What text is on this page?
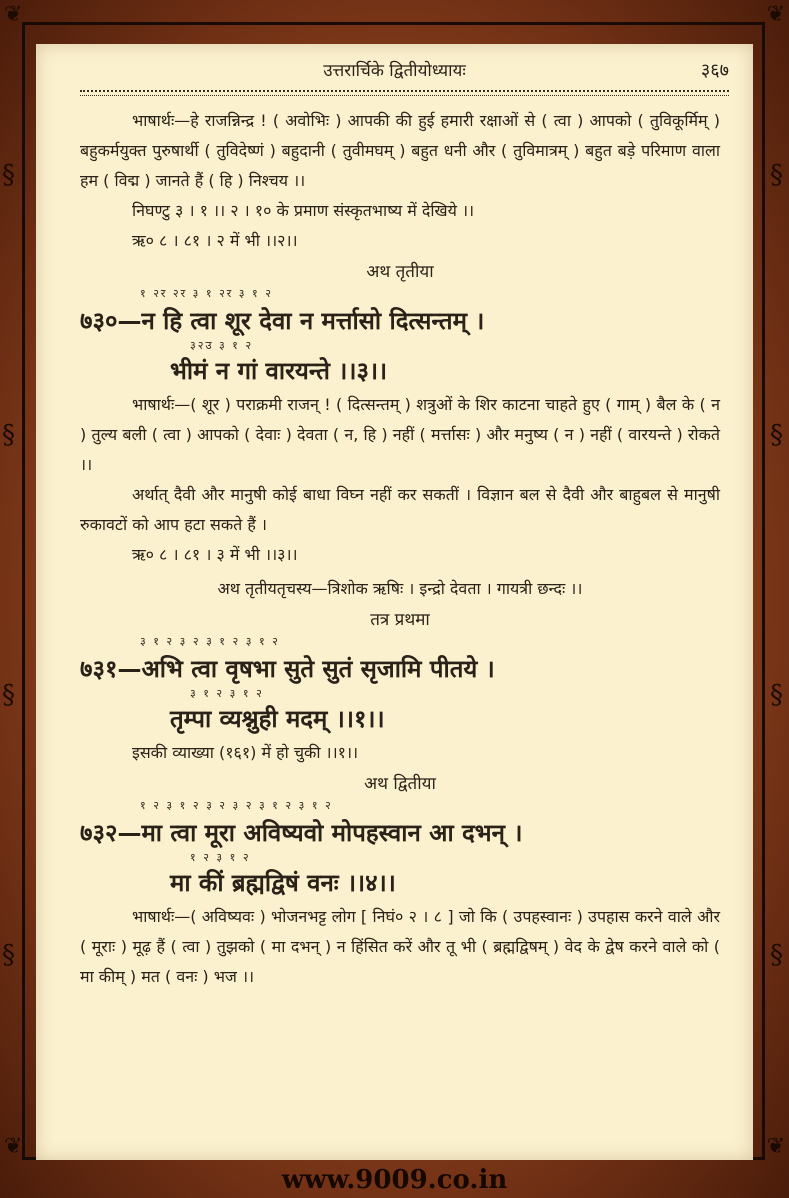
❦	❦
❦	❦
§
§
§
§
§
§
§
§
उत्तरार्चिके द्वितीयोध्यायः	३६७

भाषार्थः—हे राजन्निन्द्र ! ( अवोभिः ) आपकी की हुई हमारी रक्षाओं से ( त्वा ) आपको ( तुविकूर्मिम् ) बहुकर्मयुक्त पुरुषार्थी ( तुविदेष्णं ) बहुदानी ( तुवीमघम् ) बहुत धनी और ( तुविमात्रम् ) बहुत बड़े परिमाण वाला हम ( विद्म ) जानते हैं ( हि ) निश्चय ।।

निघण्टु ३ । १ ।। २ । १० के प्रमाण संस्कृतभाष्य में देखिये ।।

ऋ० ८ । ८१ । २ में भी ।।२।।

अथ तृतीया
१ २र २र ३ १ २र ३ १ २
७३०—न हि त्वा शूर देवा न मर्त्तासो दित्सन्तम् ।
३२उ ३ १ २
भीमं न गां वारयन्ते ।।३।।

भाषार्थः—( शूर ) पराक्रमी राजन् ! ( दित्सन्तम् ) शत्रुओं के शिर काटना चाहते हुए ( गाम् ) बैल के ( न ) तुल्य बली ( त्वा ) आपको ( देवाः ) देवता ( न, हि ) नहीं ( मर्त्तासः ) और मनुष्य ( न ) नहीं ( वारयन्ते ) रोकते ।।

अर्थात् दैवी और मानुषी कोई बाधा विघ्न नहीं कर सकतीं । विज्ञान बल से दैवी और बाहुबल से मानुषी रुकावटों को आप हटा सकते हैं ।

ऋ० ८ । ८१ । ३ में भी ।।३।।

अथ तृतीयतृचस्य—त्रिशोक ऋषिः । इन्द्रो देवता । गायत्री छन्दः ।।

तत्र प्रथमा
३ १ २ ३ २ ३ १ २ ३ १ २
७३१—अभि त्वा वृषभा सुते सुतं सृजामि पीतये ।
३ १ २ ३ १ २
तृम्पा व्यश्नुही मदम् ।।१।।

इसकी व्याख्या (१६१) में हो चुकी ।।१।।

अथ द्वितीया
१ २ ३ १ २ ३ २ ३ २ ३ १ २ ३ १ २
७३२—मा त्वा मूरा अविष्यवो मोपहस्वान आ दभन् ।
१ २ ३ १ २
मा कीं ब्रह्मद्विषं वनः ।।४।।

भाषार्थः—( अविष्यवः ) भोजनभट्ट लोग [ निघं० २ । ८ ] जो कि ( उपहस्वानः ) उपहास करने वाले और ( मूराः ) मूढ़ हैं ( त्वा ) तुझको ( मा दभन् ) न हिंसित करें और तू भी ( ब्रह्मद्विषम् ) वेद के द्वेष करने वाले को ( मा कीम् ) मत ( वनः ) भज ।।

www.9009.co.in
